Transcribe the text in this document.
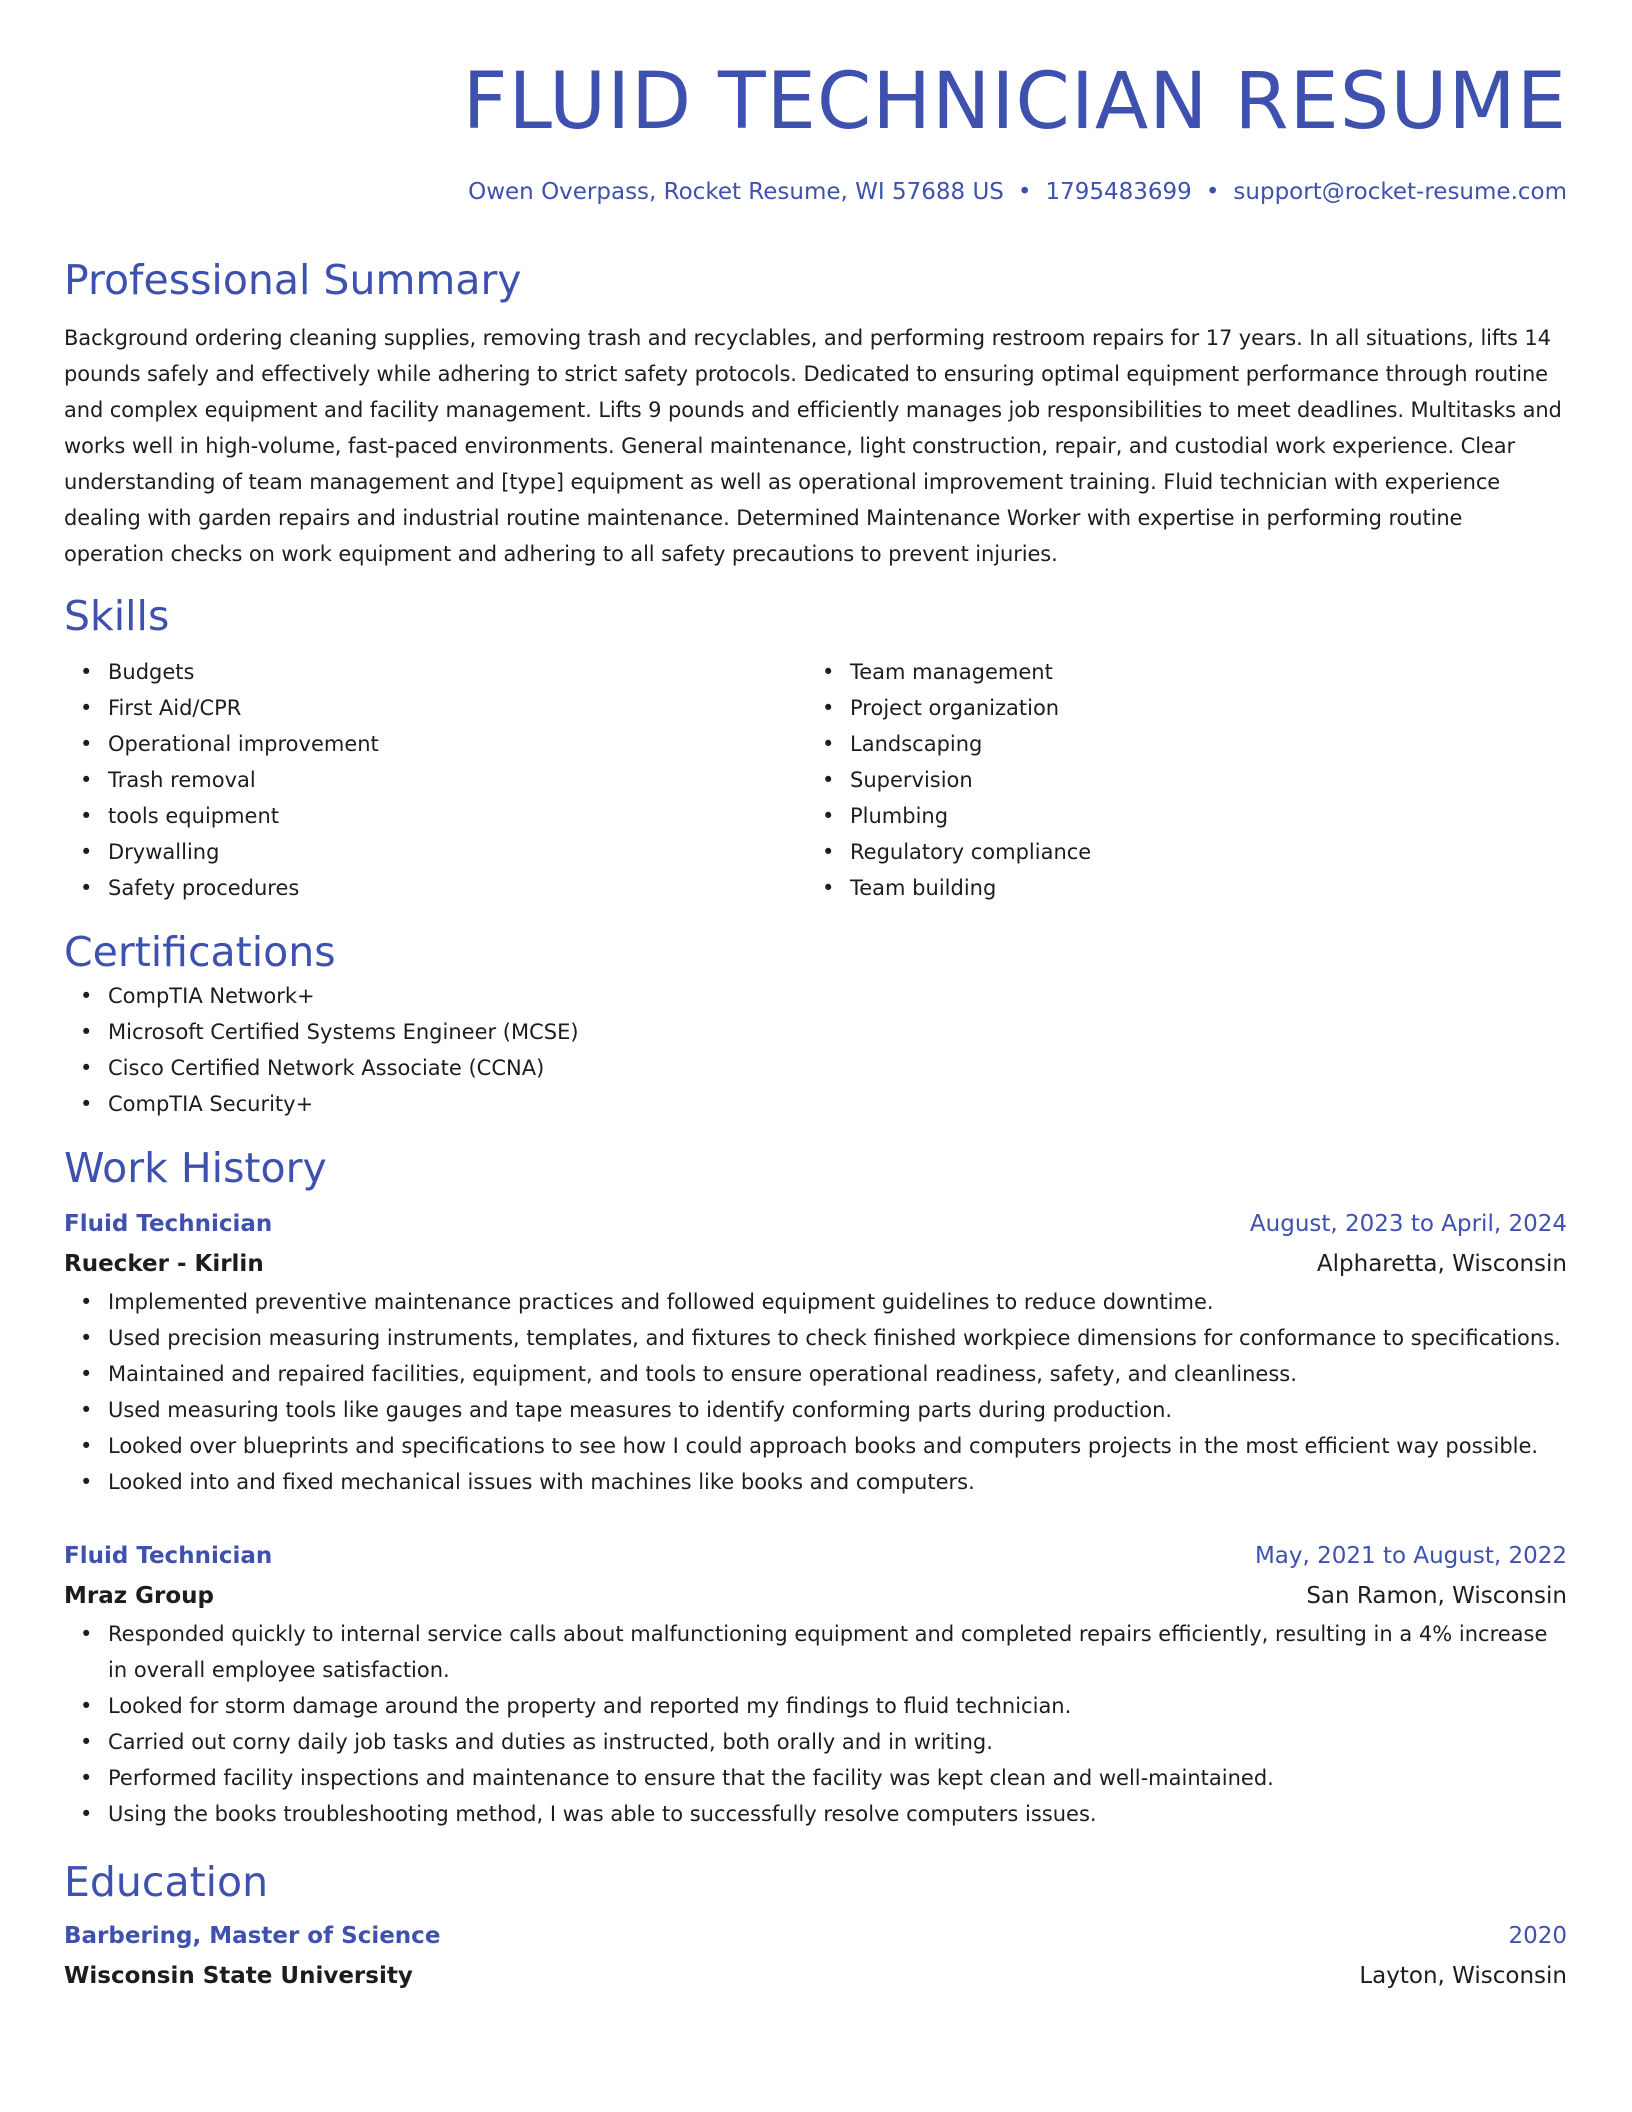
FLUID TECHNICIAN RESUME
Owen Overpass, Rocket Resume, WI 57688 US • 1795483699 • support@rocket-resume.com
Professional Summary
Background ordering cleaning supplies, removing trash and recyclables, and performing restroom repairs for 17 years. In all situations, lifts 14 pounds safely and effectively while adhering to strict safety protocols. Dedicated to ensuring optimal equipment performance through routine and complex equipment and facility management. Lifts 9 pounds and efficiently manages job responsibilities to meet deadlines. Multitasks and works well in high-volume, fast-paced environments. General maintenance, light construction, repair, and custodial work experience. Clear understanding of team management and [type] equipment as well as operational improvement training. Fluid technician with experience dealing with garden repairs and industrial routine maintenance. Determined Maintenance Worker with expertise in performing routine operation checks on work equipment and adhering to all safety precautions to prevent injuries.
Skills
• Budgets
• First Aid/CPR
• Operational improvement
• Trash removal
• tools equipment
• Drywalling
• Safety procedures
• Team management
• Project organization
• Landscaping
• Supervision
• Plumbing
• Regulatory compliance
• Team building
Certifications
• CompTIA Network+
• Microsoft Certified Systems Engineer (MCSE)
• Cisco Certified Network Associate (CCNA)
• CompTIA Security+
Work History
Fluid Technician	August, 2023 to April, 2024
Ruecker - Kirlin	Alpharetta, Wisconsin
• Implemented preventive maintenance practices and followed equipment guidelines to reduce downtime.
• Used precision measuring instruments, templates, and fixtures to check finished workpiece dimensions for conformance to specifications.
• Maintained and repaired facilities, equipment, and tools to ensure operational readiness, safety, and cleanliness.
• Used measuring tools like gauges and tape measures to identify conforming parts during production.
• Looked over blueprints and specifications to see how I could approach books and computers projects in the most efficient way possible.
• Looked into and fixed mechanical issues with machines like books and computers.
Fluid Technician	May, 2021 to August, 2022
Mraz Group	San Ramon, Wisconsin
• Responded quickly to internal service calls about malfunctioning equipment and completed repairs efficiently, resulting in a 4% increase in overall employee satisfaction.
• Looked for storm damage around the property and reported my findings to fluid technician.
• Carried out corny daily job tasks and duties as instructed, both orally and in writing.
• Performed facility inspections and maintenance to ensure that the facility was kept clean and well-maintained.
• Using the books troubleshooting method, I was able to successfully resolve computers issues.
Education
Barbering, Master of Science	2020
Wisconsin State University	Layton, Wisconsin
